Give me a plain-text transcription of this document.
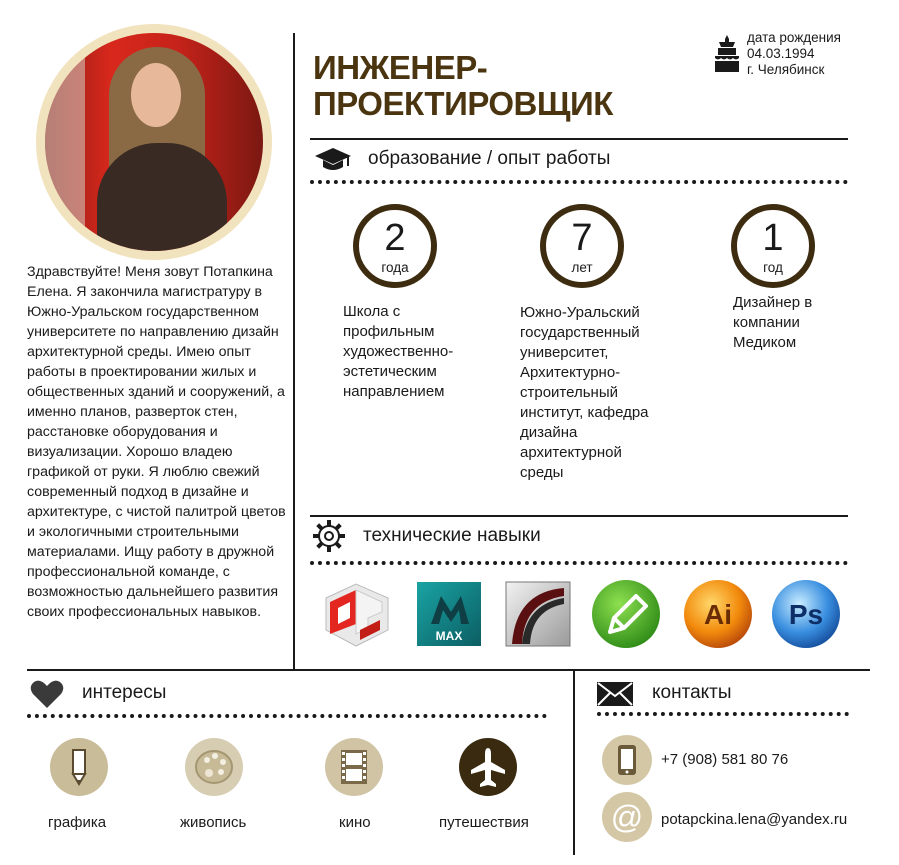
Здравствуйте! Меня зовут Потапкина Елена. Я закончила магистратуру в Южно-Уральском государственном университете по направлению дизайн архитектурной среды. Имею опыт работы в проектировании жилых и общественных зданий и сооружений, а именно планов, разверток стен, расстановке оборудования и визуализации. Хорошо владею графикой от руки. Я люблю свежий современный подход в дизайне и архитектуре, с чистой палитрой цветов и экологичными строительными материалами. Ищу работу в дружной профессиональной команде, с возможностью дальнейшего развития своих профессиональных навыков.
ИНЖЕНЕР-
ПРОЕКТИРОВЩИК
дата рождения
04.03.1994
г. Челябинск
образование / опыт работы
2
года
Школа с профильным художественно-эстетическим направлением
7
лет
Южно-Уральский государственный университет, Архитектурно-строительный институт, кафедра дизайна архитектурной среды
1
год
Дизайнер в компании Медиком
технические навыки
MAX
Ai Ps
интересы
графика	живопись	кино	путешествия
контакты
+7 (908) 581 80 76
@ potapckina.lena@yandex.ru
